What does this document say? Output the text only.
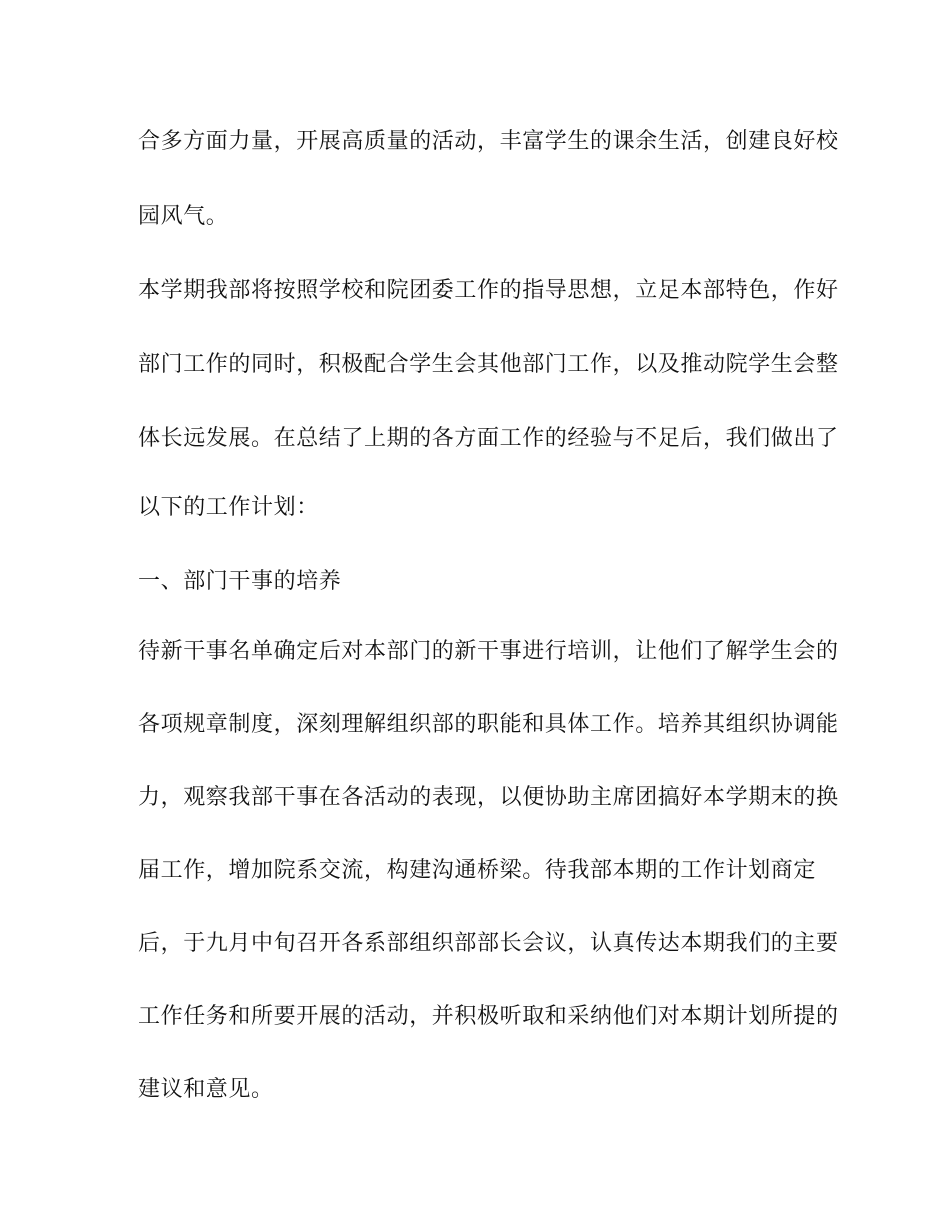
合多方面力量，开展高质量的活动，丰富学生的课余生活，创建良好校
园风气。
本学期我部将按照学校和院团委工作的指导思想，立足本部特色，作好
部门工作的同时，积极配合学生会其他部门工作，以及推动院学生会整
体长远发展。在总结了上期的各方面工作的经验与不足后，我们做出了
以下的工作计划：
一、部门干事的培养
待新干事名单确定后对本部门的新干事进行培训，让他们了解学生会的
各项规章制度，深刻理解组织部的职能和具体工作。培养其组织协调能
力，观察我部干事在各活动的表现，以便协助主席团搞好本学期末的换
届工作，增加院系交流，构建沟通桥梁。待我部本期的工作计划商定
后，于九月中旬召开各系部组织部部长会议，认真传达本期我们的主要
工作任务和所要开展的活动，并积极听取和采纳他们对本期计划所提的
建议和意见。
